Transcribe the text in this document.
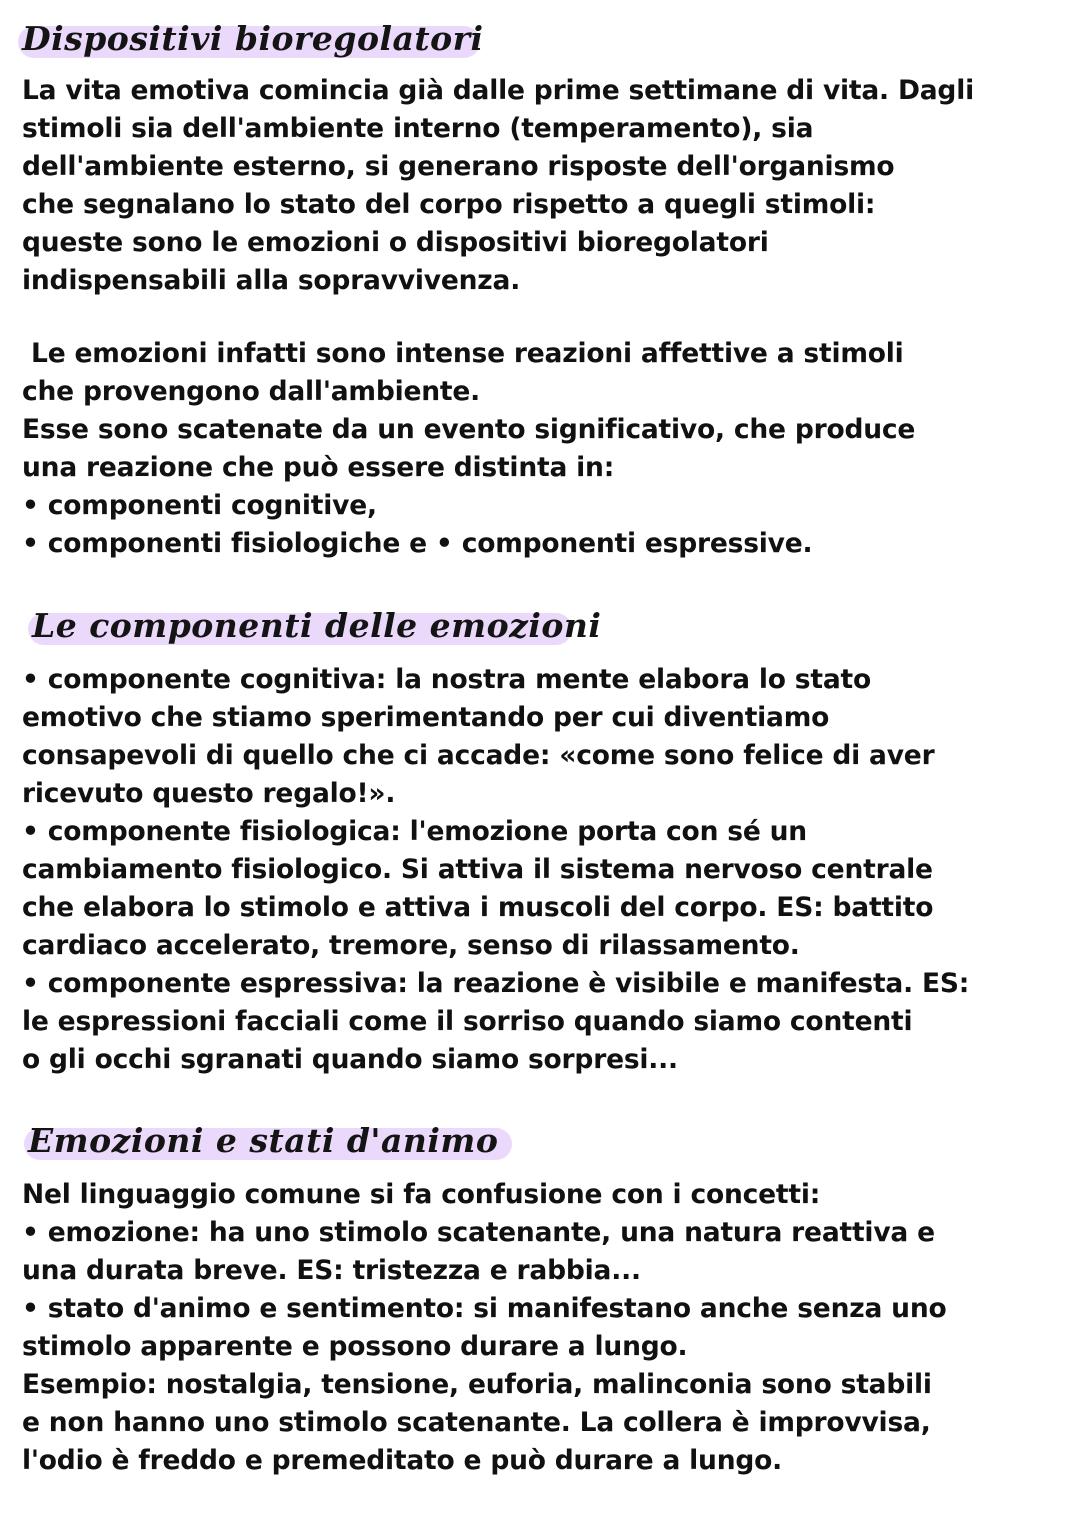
Dispositivi bioregolatori
La vita emotiva comincia già dalle prime settimane di vita. Dagli
stimoli sia dell'ambiente interno (temperamento), sia
dell'ambiente esterno, si generano risposte dell'organismo
che segnalano lo stato del corpo rispetto a quegli stimoli:
queste sono le emozioni o dispositivi bioregolatori
indispensabili alla sopravvivenza.
Le emozioni infatti sono intense reazioni affettive a stimoli
che provengono dall'ambiente.
Esse sono scatenate da un evento significativo, che produce
una reazione che può essere distinta in:
• componenti cognitive,
• componenti fisiologiche e • componenti espressive.
Le componenti delle emozioni
• componente cognitiva: la nostra mente elabora lo stato
emotivo che stiamo sperimentando per cui diventiamo
consapevoli di quello che ci accade: «come sono felice di aver
ricevuto questo regalo!».
• componente fisiologica: l'emozione porta con sé un
cambiamento fisiologico. Si attiva il sistema nervoso centrale
che elabora lo stimolo e attiva i muscoli del corpo. ES: battito
cardiaco accelerato, tremore, senso di rilassamento.
• componente espressiva: la reazione è visibile e manifesta. ES:
le espressioni facciali come il sorriso quando siamo contenti
o gli occhi sgranati quando siamo sorpresi...
Emozioni e stati d'animo
Nel linguaggio comune si fa confusione con i concetti:
• emozione: ha uno stimolo scatenante, una natura reattiva e
una durata breve. ES: tristezza e rabbia...
• stato d'animo e sentimento: si manifestano anche senza uno
stimolo apparente e possono durare a lungo.
Esempio: nostalgia, tensione, euforia, malinconia sono stabili
e non hanno uno stimolo scatenante. La collera è improvvisa,
l'odio è freddo e premeditato e può durare a lungo.
